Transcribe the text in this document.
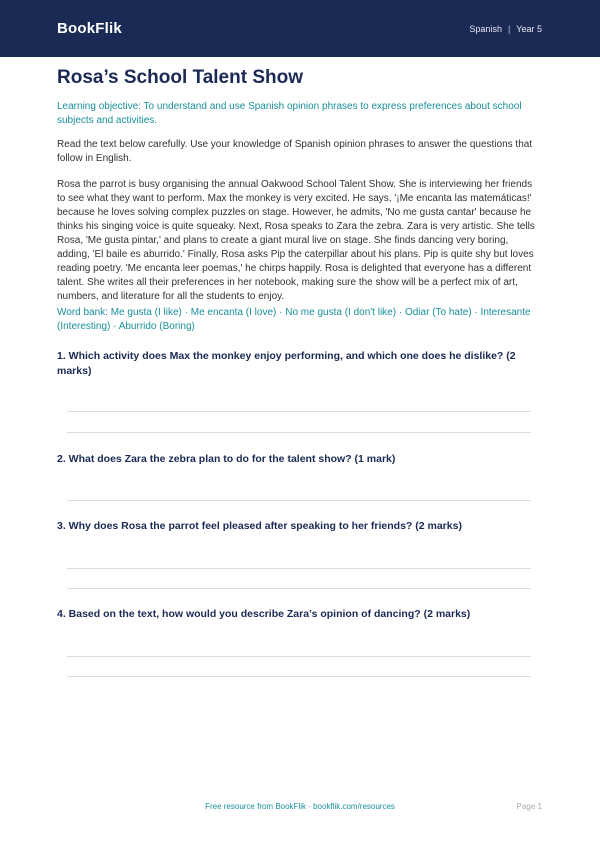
BookFlik	Spanish | Year 5
Rosa’s School Talent Show
Learning objective: To understand and use Spanish opinion phrases to express preferences about school subjects and activities.
Read the text below carefully. Use your knowledge of Spanish opinion phrases to answer the questions that follow in English.
Rosa the parrot is busy organising the annual Oakwood School Talent Show. She is interviewing her friends to see what they want to perform. Max the monkey is very excited. He says, '¡Me encanta las matemáticas!' because he loves solving complex puzzles on stage. However, he admits, 'No me gusta cantar' because he thinks his singing voice is quite squeaky. Next, Rosa speaks to Zara the zebra. Zara is very artistic. She tells Rosa, 'Me gusta pintar,' and plans to create a giant mural live on stage. She finds dancing very boring, adding, 'El baile es aburrido.' Finally, Rosa asks Pip the caterpillar about his plans. Pip is quite shy but loves reading poetry. 'Me encanta leer poemas,' he chirps happily. Rosa is delighted that everyone has a different talent. She writes all their preferences in her notebook, making sure the show will be a perfect mix of art, numbers, and literature for all the students to enjoy.
Word bank: Me gusta (I like) · Me encanta (I love) · No me gusta (I don't like) · Odiar (To hate) · Interesante (Interesting) · Aburrido (Boring)
1. Which activity does Max the monkey enjoy performing, and which one does he dislike? (2 marks)
2. What does Zara the zebra plan to do for the talent show? (1 mark)
3. Why does Rosa the parrot feel pleased after speaking to her friends? (2 marks)
4. Based on the text, how would you describe Zara’s opinion of dancing? (2 marks)
Free resource from BookFlik · bookflik.com/resources	Page 1
